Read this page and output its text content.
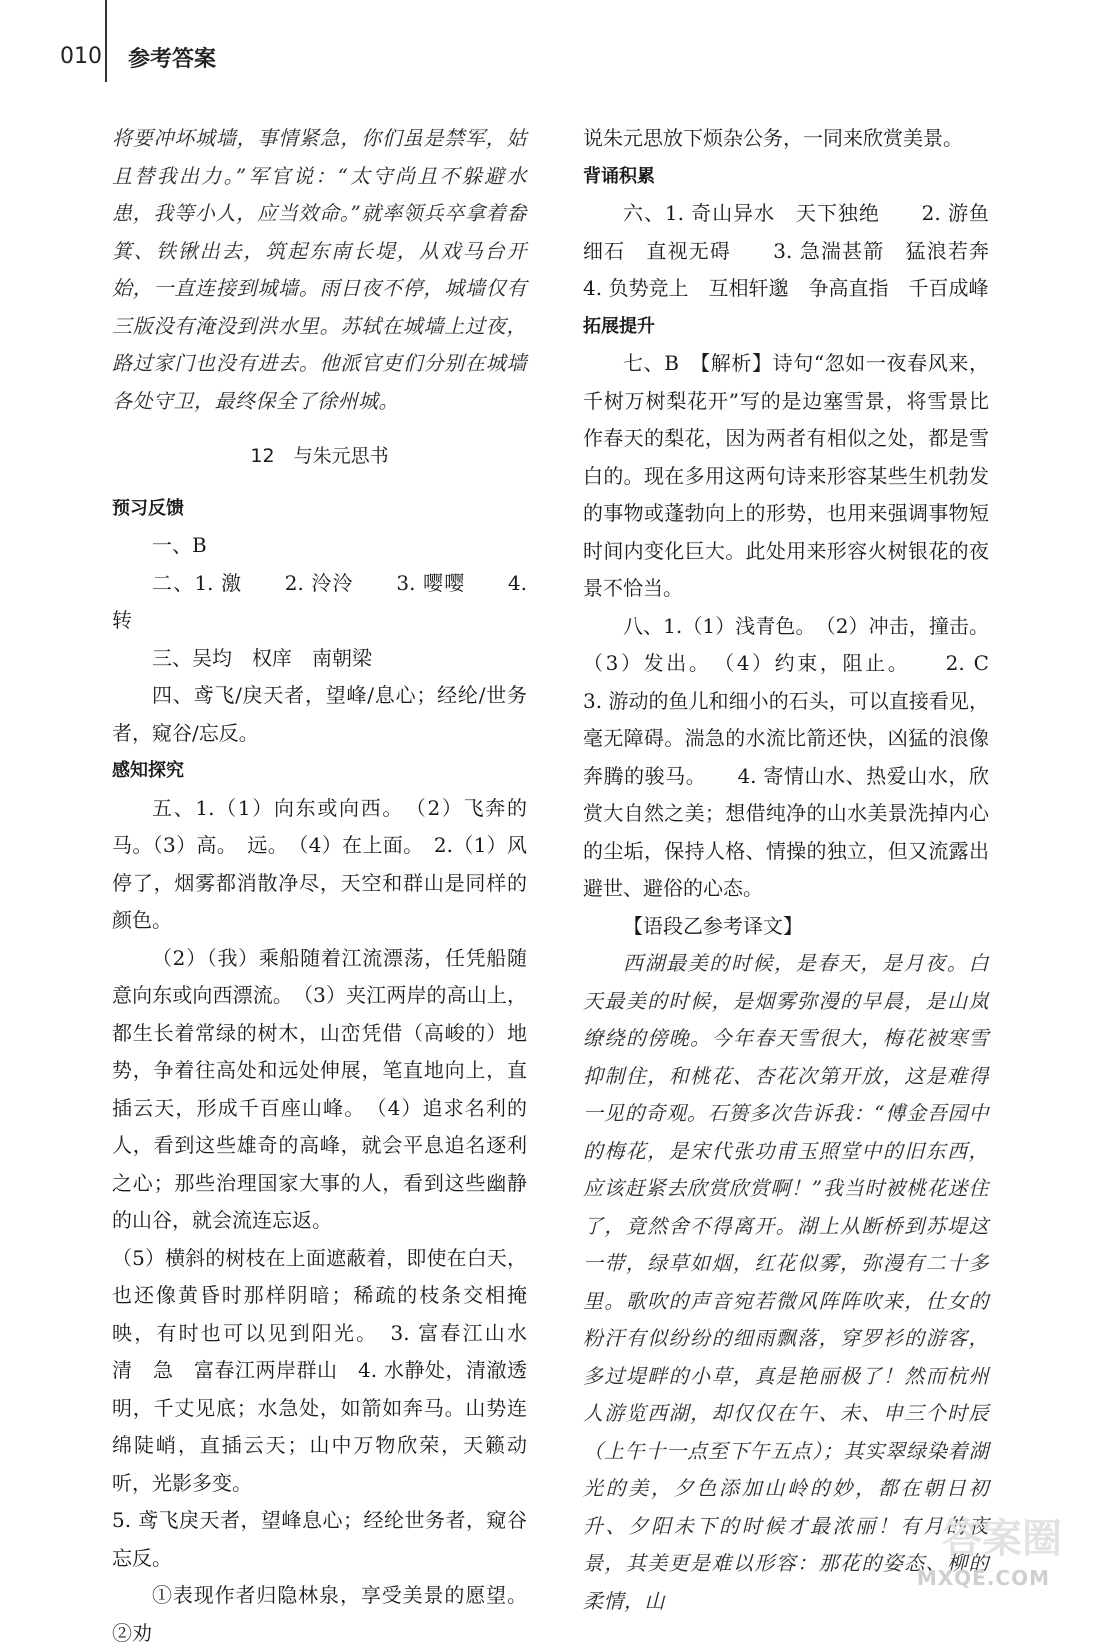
010 参考答案

将要冲坏城墙，事情紧急，你们虽是禁军，姑且替我出力。”军官说：“太守尚且不躲避水患，我等小人，应当效命。”就率领兵卒拿着畚箕、铁锹出去，筑起东南长堤，从戏马台开始，一直连接到城墙。雨日夜不停，城墙仅有三版没有淹没到洪水里。苏轼在城墙上过夜，路过家门也没有进去。他派官吏们分别在城墙各处守卫，最终保全了徐州城。

12　与朱元思书

预习反馈

一、B

二、1. 激　　2. 泠泠　　3. 嘤嘤　　4. 转

三、吴均　权庠　南朝梁

四、鸢飞/戾天者，望峰/息心；经纶/世务者，窥谷/忘反。

感知探究

五、1.（1）向东或向西。　（2）飞奔的马。（3）高。　远。　（4）在上面。　2.（1）风停了，烟雾都消散净尽，天空和群山是同样的颜色。

（2）（我）乘船随着江流漂荡，任凭船随意向东或向西漂流。　（3）夹江两岸的高山上，都生长着常绿的树木，山峦凭借（高峻的）地势，争着往高处和远处伸展，笔直地向上，直插云天，形成千百座山峰。　（4）追求名利的人，看到这些雄奇的高峰，就会平息追名逐利之心；那些治理国家大事的人，看到这些幽静的山谷，就会流连忘返。

（5）横斜的树枝在上面遮蔽着，即使在白天，也还像黄昏时那样阴暗；稀疏的枝条交相掩映，有时也可以见到阳光。　3. 富春江山水　清　急　富春江两岸群山　4. 水静处，清澈透明，千丈见底；水急处，如箭如奔马。山势连绵陡峭，直插云天；山中万物欣荣，天籁动听，光影多变。

5. 鸢飞戾天者，望峰息心；经纶世务者，窥谷忘反。

①表现作者归隐林泉，享受美景的愿望。②劝

说朱元思放下烦杂公务，一同来欣赏美景。

背诵积累

六、1. 奇山异水　天下独绝　　2. 游鱼细石　直视无碍　　3. 急湍甚箭　猛浪若奔　　4. 负势竞上　互相轩邈　争高直指　千百成峰

拓展提升

七、B　【解析】诗句“忽如一夜春风来，千树万树梨花开”写的是边塞雪景，将雪景比作春天的梨花，因为两者有相似之处，都是雪白的。现在多用这两句诗来形容某些生机勃发的事物或蓬勃向上的形势，也用来强调事物短时间内变化巨大。此处用来形容火树银花的夜景不恰当。

八、1.（1）浅青色。　（2）冲击，撞击。（3）发出。　（4）约束，阻止。　　2. C　　3. 游动的鱼儿和细小的石头，可以直接看见，毫无障碍。湍急的水流比箭还快，凶猛的浪像奔腾的骏马。　　4. 寄情山水、热爱山水，欣赏大自然之美；想借纯净的山水美景洗掉内心的尘垢，保持人格、情操的独立，但又流露出避世、避俗的心态。

【语段乙参考译文】

西湖最美的时候，是春天，是月夜。白天最美的时候，是烟雾弥漫的早晨，是山岚缭绕的傍晚。今年春天雪很大，梅花被寒雪抑制住，和桃花、杏花次第开放，这是难得一见的奇观。石篑多次告诉我：“傅金吾园中的梅花，是宋代张功甫玉照堂中的旧东西，应该赶紧去欣赏欣赏啊！”我当时被桃花迷住了，竟然舍不得离开。湖上从断桥到苏堤这一带，绿草如烟，红花似雾，弥漫有二十多里。歌吹的声音宛若微风阵阵吹来，仕女的粉汗有似纷纷的细雨飘落，穿罗衫的游客，多过堤畔的小草，真是艳丽极了！然而杭州人游览西湖，却仅仅在午、未、申三个时辰（上午十一点至下午五点）；其实翠绿染着湖光的美，夕色添加山岭的妙，都在朝日初升、夕阳未下的时候才最浓丽！有月的夜景，其美更是难以形容：那花的姿态、柳的柔情，山

答案圈
MXQE.COM
